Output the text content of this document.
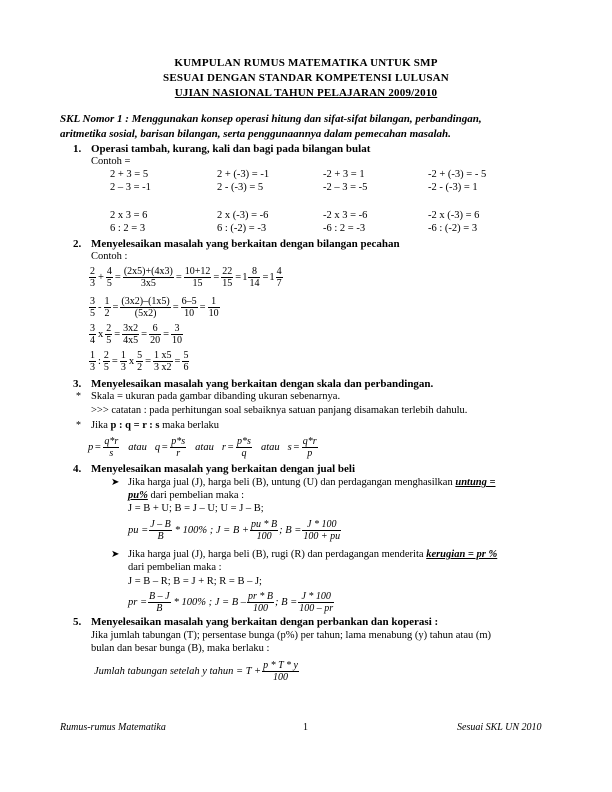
KUMPULAN RUMUS MATEMATIKA UNTUK SMP
SESUAI DENGAN STANDAR KOMPETENSI LULUSAN
UJIAN NASIONAL TAHUN PELAJARAN 2009/2010
SKL Nomor 1 : Menggunakan konsep operasi hitung dan sifat-sifat bilangan, perbandingan,
aritmetika sosial, barisan bilangan, serta penggunaannya dalam pemecahan masalah.
1. Operasi tambah, kurang, kali dan bagi pada bilangan bulat
Contoh =
2 + 3 = 5	2 + (-3) = -1	-2 + 3 = 1	-2 + (-3) = - 5
2 – 3 = -1	2 - (-3) = 5	-2 – 3 = -5	-2 - (-3) = 1
2 x 3 = 6	2 x (-3) = -6	-2 x 3 = -6	-2 x (-3) = 6
6 : 2 = 3	6 : (-2) = -3	-6 : 2 = -3	-6 : (-2) = 3
2. Menyelesaikan masalah yang berkaitan dengan bilangan pecahan
Contoh :
$\frac{2}{3} + \frac{4}{5} = \frac{(2x5)+(4x3)}{3x5} = \frac{10+12}{15} = \frac{22}{15} = 1 \frac{8}{14} = 1 \frac{4}{7}$
$\frac{3}{5} - \frac{1}{2} = \frac{(3x2)-(1x5)}{(5x2)} = \frac{6-5}{10} = \frac{1}{10}$
$\frac{3}{4}$ x $\frac{2}{5} = \frac{3x2}{4x5} = \frac{6}{20} = \frac{3}{10}$
$\frac{1}{3}$ : $\frac{2}{5} = \frac{1}{3}$ x $\frac{5}{2} = \frac{1 x5}{3 x2} = \frac{5}{6}$
3. Menyelesaikan masalah yang berkaitan dengan skala dan perbandingan.
* Skala = ukuran pada gambar dibanding ukuran sebenarnya.
>>> catatan : pada perhitungan soal sebaiknya satuan panjang disamakan terlebih dahulu.
* Jika p : q = r : s maka berlaku
$p = \frac{q*r}{s}$ atau $q = \frac{p*s}{r}$ atau $r = \frac{p*s}{q}$ atau $s = \frac{q*r}{p}$
4. Menyelesaikan masalah yang berkaitan dengan jual beli
➤ Jika harga jual (J), harga beli (B), untung (U) dan perdagangan menghasilkan untung =
pu% dari pembelian maka :
J = B + U; B = J – U; U = J – B;
pu = $\frac{J - B}{B} * 100\%$ ; $J = B + \frac{pu * B}{100}$ ; $B = \frac{J * 100}{100 + pu}$
➤ Jika harga jual (J), harga beli (B), rugi (R) dan perdagangan menderita kerugian = pr %
dari pembelian maka :
J = B – R; B = J + R; R = B – J;
pr = $\frac{B - J}{B} * 100\%$ ; $J = B - \frac{pr * B}{100}$ ; $B = \frac{J * 100}{100 - pr}$
5. Menyelesaikan masalah yang berkaitan dengan perbankan dan koperasi :
Jika jumlah tabungan (T); persentase bunga (p%) per tahun; lama menabung (y) tahun atau (m)
bulan dan besar bunga (B), maka berlaku :
Jumlah tabungan setelah y tahun = $T + \frac{p * T * y}{100}$
Rumus-rumus Matematika	1	Sesuai SKL UN 2010
